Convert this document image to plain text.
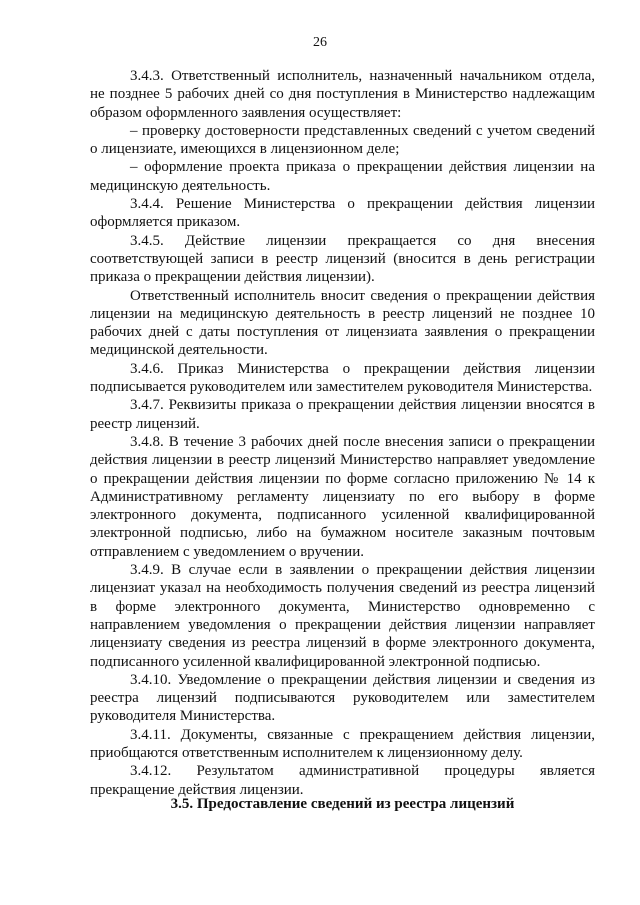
26

3.4.3. Ответственный исполнитель, назначенный начальником отдела, не позднее 5 рабочих дней со дня поступления в Министерство надлежащим образом оформленного заявления осуществляет:

– проверку достоверности представленных сведений с учетом сведений о лицензиате, имеющихся в лицензионном деле;

– оформление проекта приказа о прекращении действия лицензии на медицинскую деятельность.

3.4.4. Решение Министерства о прекращении действия лицензии оформляется приказом.

3.4.5. Действие лицензии прекращается со дня внесения соответствующей записи в реестр лицензий (вносится в день регистрации приказа о прекращении действия лицензии).

Ответственный исполнитель вносит сведения о прекращении действия лицензии на медицинскую деятельность в реестр лицензий не позднее 10 рабочих дней с даты поступления от лицензиата заявления о прекращении медицинской деятельности.

3.4.6. Приказ Министерства о прекращении действия лицензии подписывается руководителем или заместителем руководителя Министерства.

3.4.7. Реквизиты приказа о прекращении действия лицензии вносятся в реестр лицензий.

3.4.8. В течение 3 рабочих дней после внесения записи о прекращении действия лицензии в реестр лицензий Министерство направляет уведомление о прекращении действия лицензии по форме согласно приложению № 14 к Административному регламенту лицензиату по его выбору в форме электронного документа, подписанного усиленной квалифицированной электронной подписью, либо на бумажном носителе заказным почтовым отправлением с уведомлением о вручении.

3.4.9. В случае если в заявлении о прекращении действия лицензии лицензиат указал на необходимость получения сведений из реестра лицензий в форме электронного документа, Министерство одновременно с направлением уведомления о прекращении действия лицензии направляет лицензиату сведения из реестра лицензий в форме электронного документа, подписанного усиленной квалифицированной электронной подписью.

3.4.10. Уведомление о прекращении действия лицензии и сведения из реестра лицензий подписываются руководителем или заместителем руководителя Министерства.

3.4.11. Документы, связанные с прекращением действия лицензии, приобщаются ответственным исполнителем к лицензионному делу.

3.4.12. Результатом административной процедуры является прекращение действия лицензии.

3.5. Предоставление сведений из реестра лицензий
